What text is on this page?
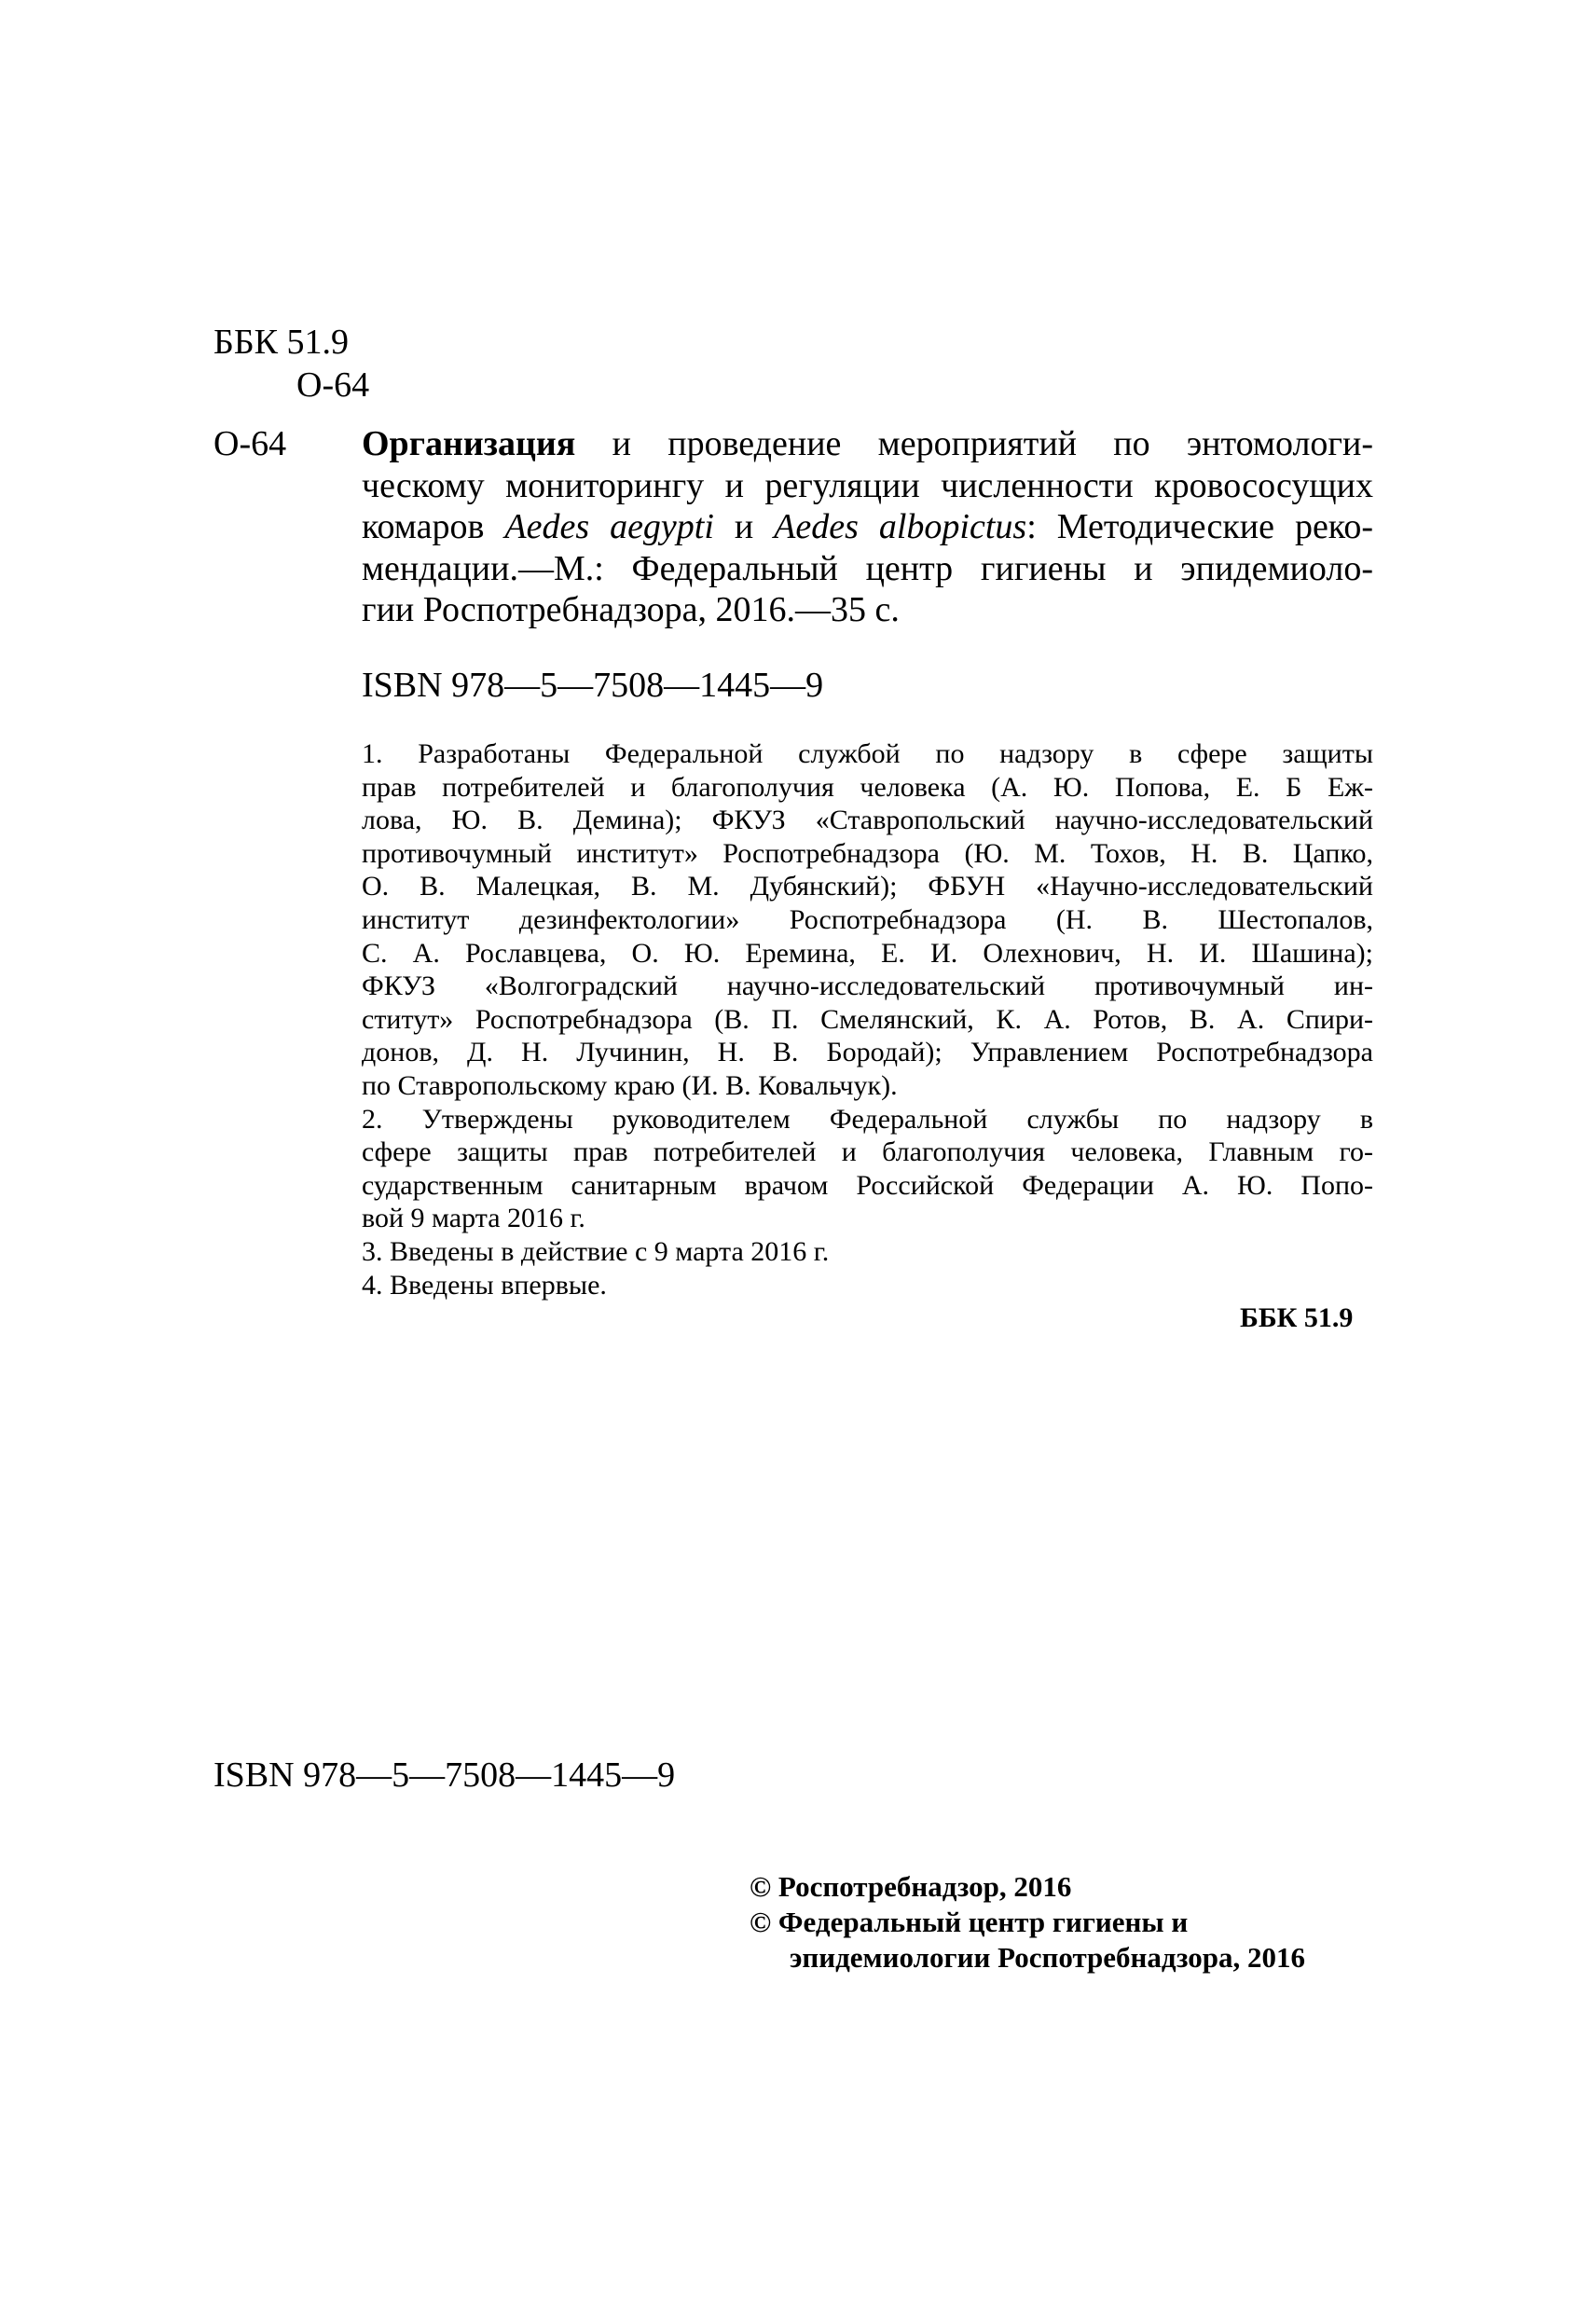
ББК 51.9
О-64
О-64 Организация и проведение мероприятий по энтомологи-
ческому мониторингу и регуляции численности кровососущих
комаров Aedes aegypti и Aedes albopictus: Методические реко-
мендации.—М.: Федеральный центр гигиены и эпидемиоло-
гии Роспотребнадзора, 2016.—35 с.
ISBN 978—5—7508—1445—9
1. Разработаны Федеральной службой по надзору в сфере защиты
прав потребителей и благополучия человека (А. Ю. Попова, Е. Б Еж-
лова, Ю. В. Демина); ФКУЗ «Ставропольский научно-исследовательский
противочумный институт» Роспотребнадзора (Ю. М. Тохов, Н. В. Цапко,
О. В. Малецкая, В. М. Дубянский); ФБУН «Научно-исследовательский
институт дезинфектологии» Роспотребнадзора (Н. В. Шестопалов,
С. А. Рославцева, О. Ю. Еремина, Е. И. Олехнович, Н. И. Шашина);
ФКУЗ «Волгоградский научно-исследовательский противочумный ин-
ститут» Роспотребнадзора (В. П. Смелянский, К. А. Ротов, В. А. Спири-
донов, Д. Н. Лучинин, Н. В. Бородай); Управлением Роспотребнадзора
по Ставропольскому краю (И. В. Ковальчук).
2. Утверждены руководителем Федеральной службы по надзору в
сфере защиты прав потребителей и благополучия человека, Главным го-
сударственным санитарным врачом Российской Федерации А. Ю. Попо-
вой 9 марта 2016 г.
3. Введены в действие с 9 марта 2016 г.
4. Введены впервые.
ББК 51.9
ISBN 978—5—7508—1445—9
© Роспотребнадзор, 2016
© Федеральный центр гигиены и
эпидемиологии Роспотребнадзора, 2016
